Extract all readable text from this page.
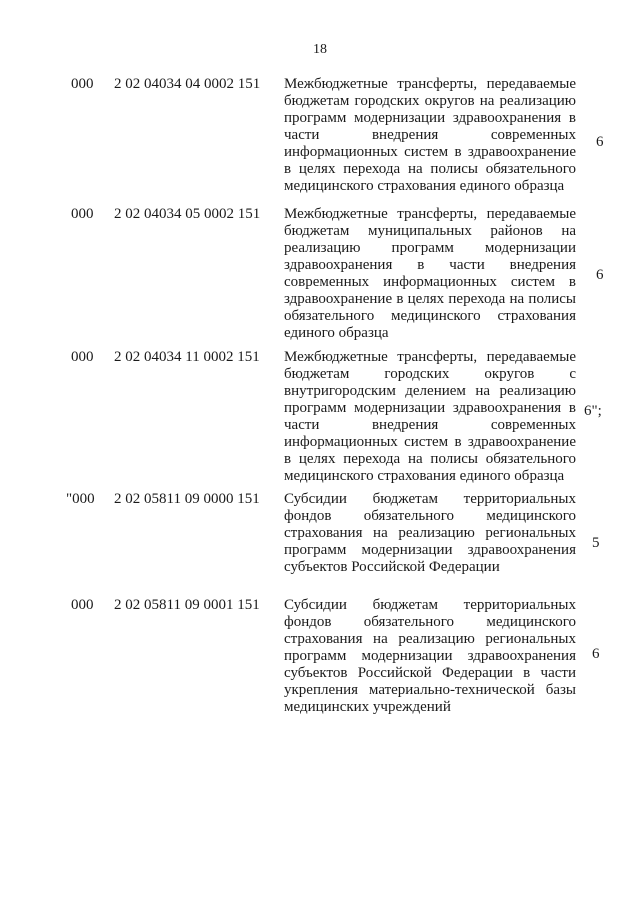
18
000 2 02 04034 04 0002 151 Межбюджетные трансферты, передаваемые бюджетам городских округов на реализацию программ модернизации здравоохранения в части внедрения современных информационных систем в здравоохранение в целях перехода на полисы обязательного медицинского страхования единого образца
6
000 2 02 04034 05 0002 151 Межбюджетные трансферты, передаваемые бюджетам муниципальных районов на реализацию программ модернизации здравоохранения в части внедрения современных информационных систем в здравоохранение в целях перехода на полисы обязательного медицинского страхования единого образца
6
000 2 02 04034 11 0002 151 Межбюджетные трансферты, передаваемые бюджетам городских округов с внутригородским делением на реализацию программ модернизации здравоохранения в части внедрения современных информационных систем в здравоохранение в целях перехода на полисы обязательного медицинского страхования единого образца
6";
"000 2 02 05811 09 0000 151 Субсидии бюджетам территориальных фондов обязательного медицинского страхования на реализацию региональных программ модернизации здравоохранения субъектов Российской Федерации
5
000 2 02 05811 09 0001 151 Субсидии бюджетам территориальных фондов обязательного медицинского страхования на реализацию региональных программ модернизации здравоохранения субъектов Российской Федерации в части укрепления материально-технической базы медицинских учреждений
6
